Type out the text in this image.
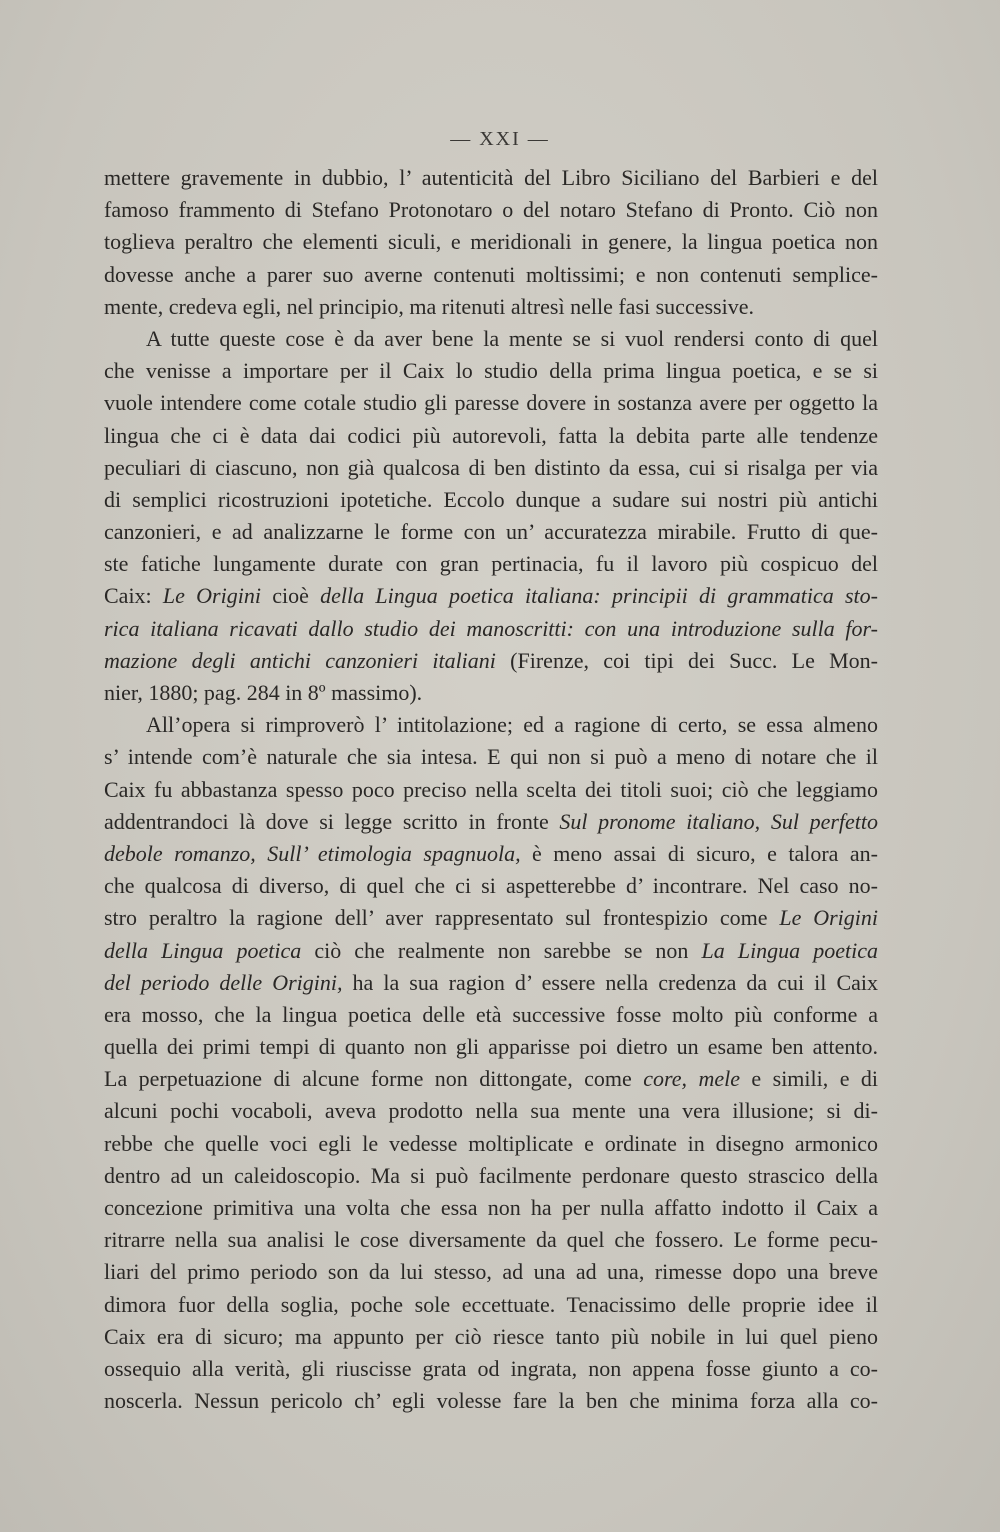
— XXI —
mettere gravemente in dubbio, l’ autenticità del Libro Siciliano del Barbieri e del
famoso frammento di Stefano Protonotaro o del notaro Stefano di Pronto. Ciò non
toglieva peraltro che elementi siculi, e meridionali in genere, la lingua poetica non
dovesse anche a parer suo averne contenuti moltissimi; e non contenuti semplice-
mente, credeva egli, nel principio, ma ritenuti altresì nelle fasi successive.
A tutte queste cose è da aver bene la mente se si vuol rendersi conto di quel
che venisse a importare per il Caix lo studio della prima lingua poetica, e se si
vuole intendere come cotale studio gli paresse dovere in sostanza avere per oggetto la
lingua che ci è data dai codici più autorevoli, fatta la debita parte alle tendenze
peculiari di ciascuno, non già qualcosa di ben distinto da essa, cui si risalga per via
di semplici ricostruzioni ipotetiche. Eccolo dunque a sudare sui nostri più antichi
canzonieri, e ad analizzarne le forme con un’ accuratezza mirabile. Frutto di que-
ste fatiche lungamente durate con gran pertinacia, fu il lavoro più cospicuo del
Caix: Le Origini cioè della Lingua poetica italiana: principii di grammatica sto-
rica italiana ricavati dallo studio dei manoscritti: con una introduzione sulla for-
mazione degli antichi canzonieri italiani (Firenze, coi tipi dei Succ. Le Mon-
nier, 1880; pag. 284 in 8º massimo).
All’opera si rimproverò l’ intitolazione; ed a ragione di certo, se essa almeno
s’ intende com’è naturale che sia intesa. E qui non si può a meno di notare che il
Caix fu abbastanza spesso poco preciso nella scelta dei titoli suoi; ciò che leggiamo
addentrandoci là dove si legge scritto in fronte Sul pronome italiano, Sul perfetto
debole romanzo, Sull’ etimologia spagnuola, è meno assai di sicuro, e talora an-
che qualcosa di diverso, di quel che ci si aspetterebbe d’ incontrare. Nel caso no-
stro peraltro la ragione dell’ aver rappresentato sul frontespizio come Le Origini
della Lingua poetica ciò che realmente non sarebbe se non La Lingua poetica
del periodo delle Origini, ha la sua ragion d’ essere nella credenza da cui il Caix
era mosso, che la lingua poetica delle età successive fosse molto più conforme a
quella dei primi tempi di quanto non gli apparisse poi dietro un esame ben attento.
La perpetuazione di alcune forme non dittongate, come core, mele e simili, e di
alcuni pochi vocaboli, aveva prodotto nella sua mente una vera illusione; si di-
rebbe che quelle voci egli le vedesse moltiplicate e ordinate in disegno armonico
dentro ad un caleidoscopio. Ma si può facilmente perdonare questo strascico della
concezione primitiva una volta che essa non ha per nulla affatto indotto il Caix a
ritrarre nella sua analisi le cose diversamente da quel che fossero. Le forme pecu-
liari del primo periodo son da lui stesso, ad una ad una, rimesse dopo una breve
dimora fuor della soglia, poche sole eccettuate. Tenacissimo delle proprie idee il
Caix era di sicuro; ma appunto per ciò riesce tanto più nobile in lui quel pieno
ossequio alla verità, gli riuscisse grata od ingrata, non appena fosse giunto a co-
noscerla. Nessun pericolo ch’ egli volesse fare la ben che minima forza alla co-
